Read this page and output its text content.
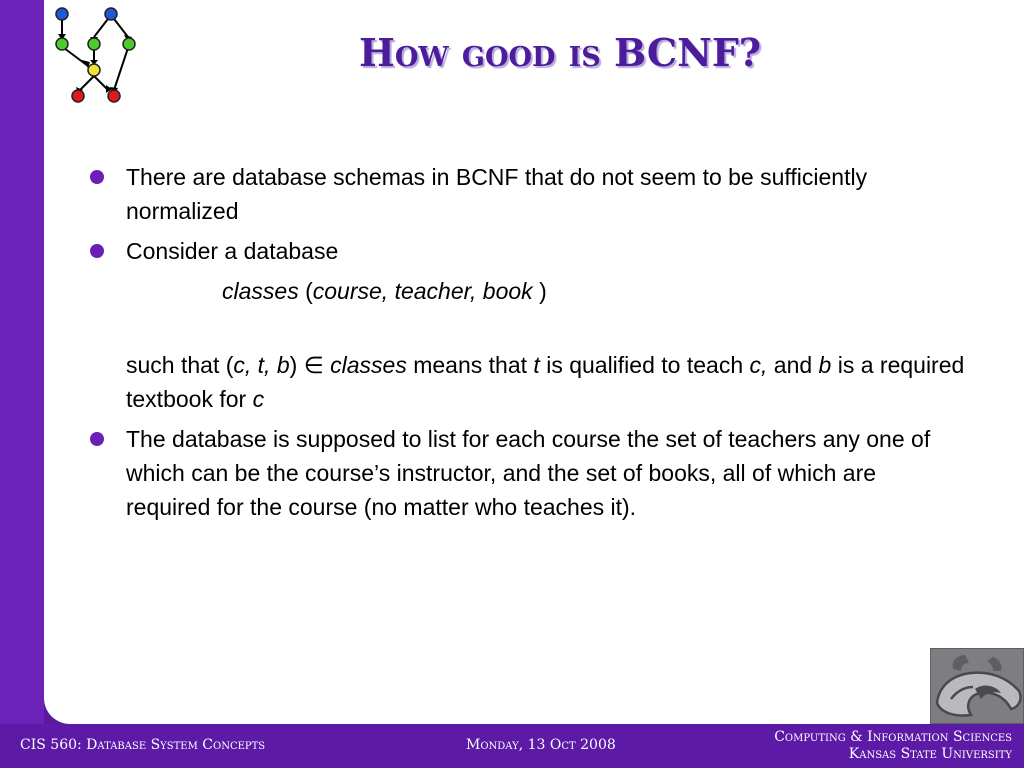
How good is BCNF?

There are database schemas in BCNF that do not seem to be sufficiently normalized

Consider a database

classes (course, teacher, book )

such that (c, t, b) ∈ classes means that t is qualified to teach c, and b is a required textbook for c

The database is supposed to list for each course the set of teachers any one of which can be the course’s instructor, and the set of books, all of which are required for the course (no matter who teaches it).

CIS 560: Database System Concepts	Monday, 13 Oct 2008	Computing & Information Sciences
Kansas State University
